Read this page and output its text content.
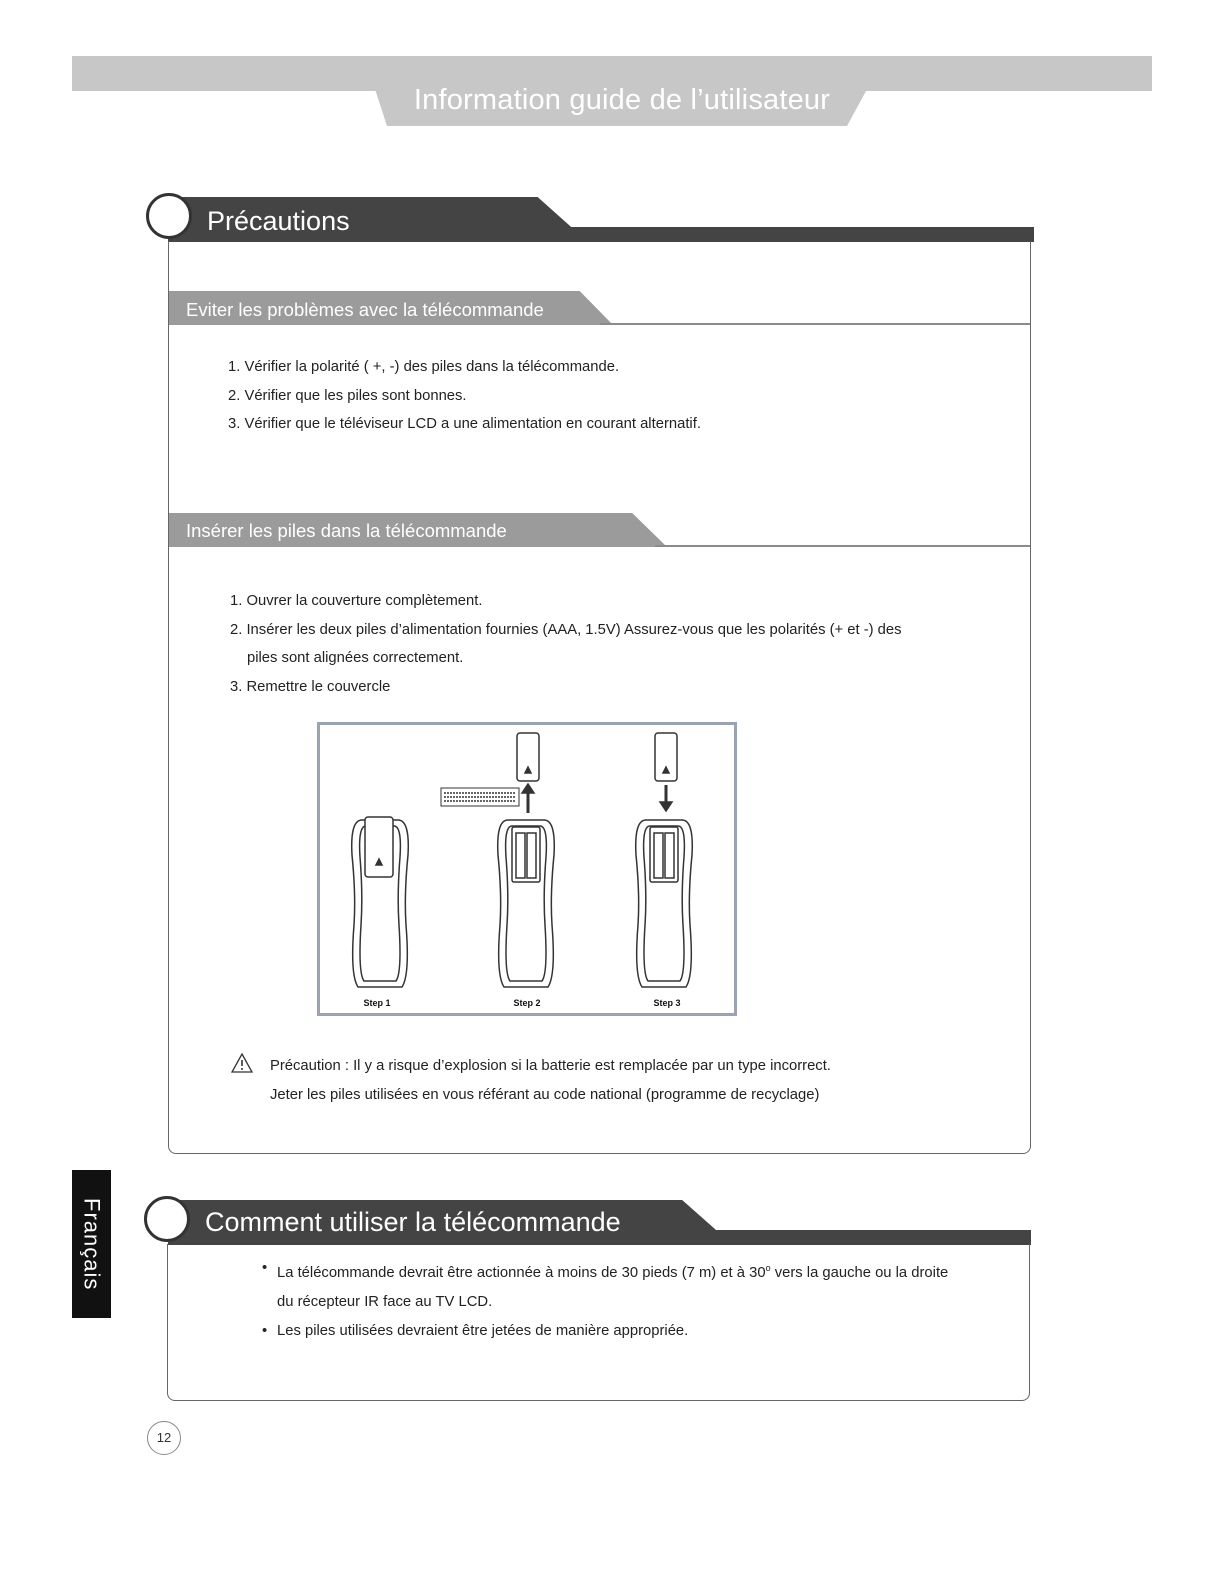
Information guide de l’utilisateur
Précautions
Eviter les problèmes avec la télécommande
1. Vérifier la polarité ( +, -) des piles dans la télécommande.
2. Vérifier que les piles sont bonnes.
3. Vérifier que le téléviseur LCD a une alimentation en courant alternatif.
Insérer les piles dans la télécommande
1. Ouvrer la couverture complètement.
2. Insérer les deux piles d’alimentation fournies (AAA, 1.5V) Assurez-vous que les polarités (+ et -) des
piles sont alignées correctement.
3. Remettre le couvercle
Step 1	Step 2	Step 3
Précaution : Il y a risque d’explosion si la batterie est remplacée par un type incorrect.
Jeter les piles utilisées en vous référant au code national (programme de recyclage)
Comment utiliser la télécommande
• La télécommande devrait être actionnée à moins de 30 pieds (7 m) et à 30$^o$ vers la gauche ou la droite du récepteur IR face au TV LCD.
• Les piles utilisées devraient être jetées de manière appropriée.
Français
12
